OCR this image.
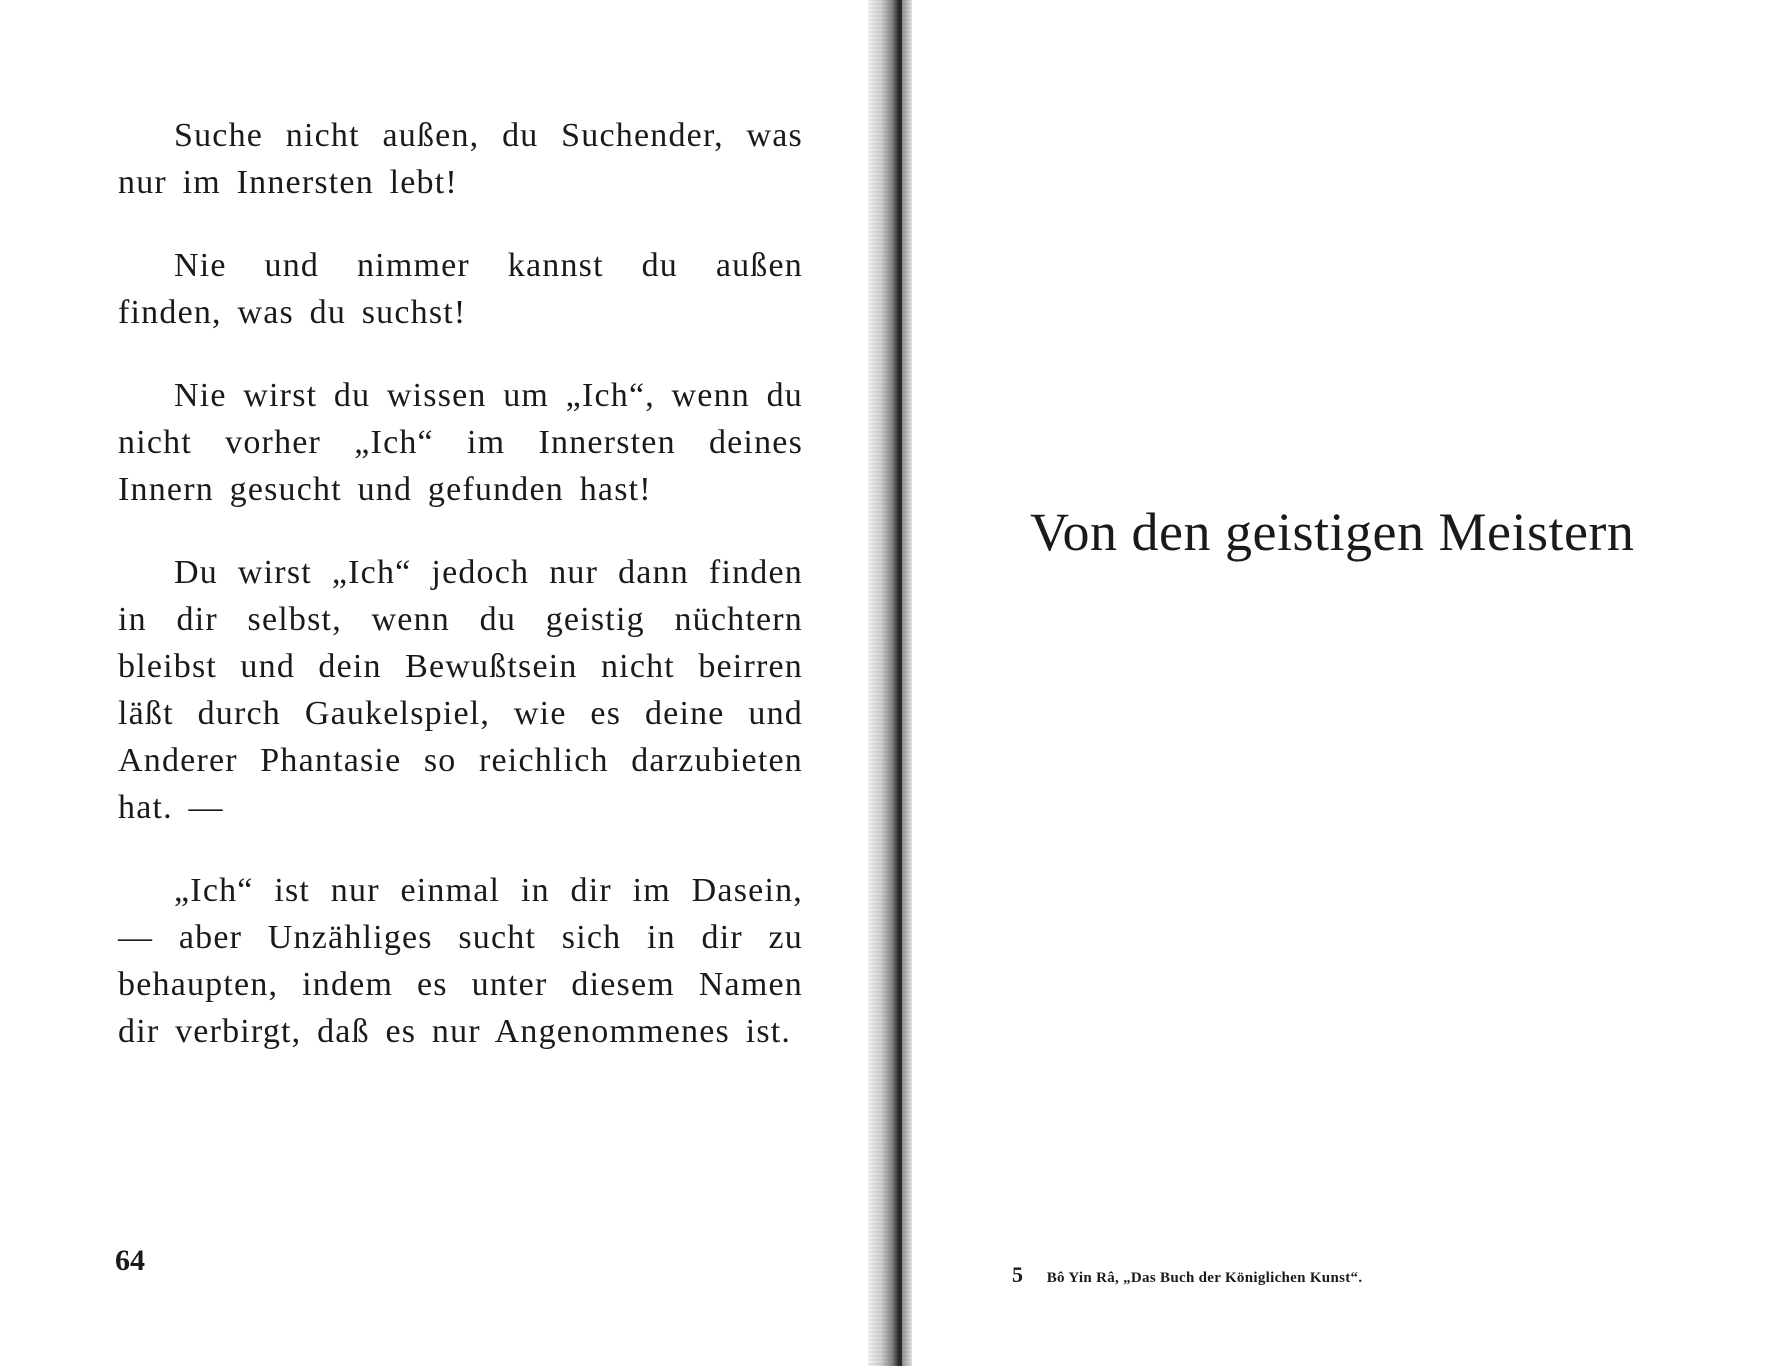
Suche nicht außen, du Suchender, was nur im Innersten lebt!

Nie und nimmer kannst du außen finden, was du suchst!

Nie wirst du wissen um „Ich“, wenn du nicht vorher „Ich“ im Innersten deines Innern gesucht und gefunden hast!

Du wirst „Ich“ jedoch nur dann finden in dir selbst, wenn du geistig nüchtern bleibst und dein Bewußtsein nicht beirren läßt durch Gaukelspiel, wie es deine und Anderer Phantasie so reichlich darzubieten hat. —

„Ich“ ist nur einmal in dir im Dasein, — aber Unzähliges sucht sich in dir zu behaupten, indem es unter diesem Namen dir verbirgt, daß es nur Angenommenes ist.

64
Von den geistigen Meistern
5 Bô Yin Râ, „Das Buch der Königlichen Kunst“.
